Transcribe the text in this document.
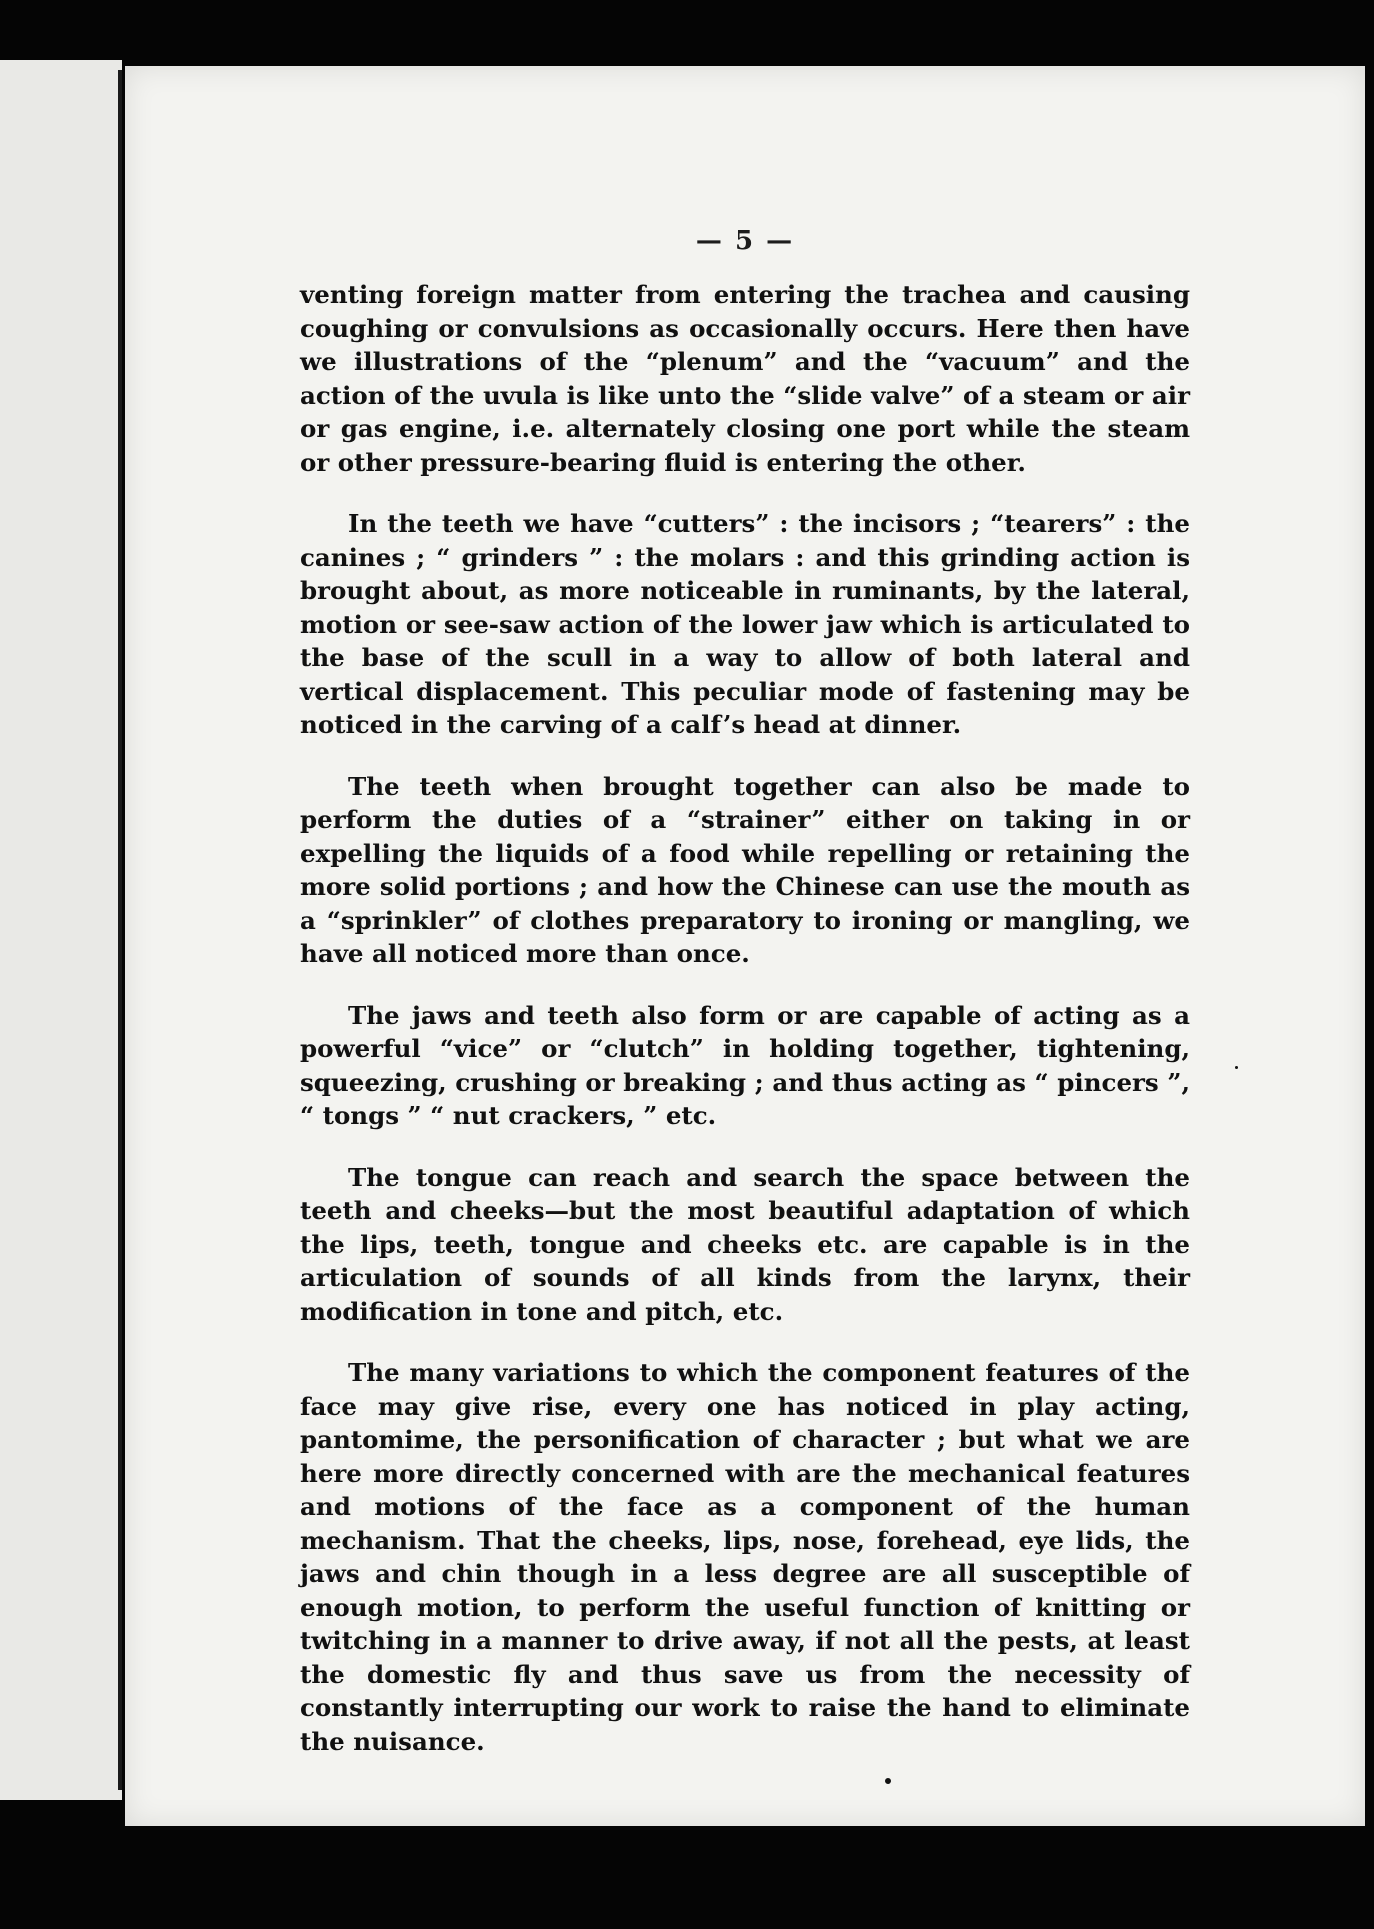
— 5 —

venting foreign matter from entering the trachea and causing coughing or convulsions as occasionally occurs. Here then have we illustrations of the “plenum” and the “vacuum” and the action of the uvula is like unto the “slide valve” of a steam or air or gas engine, i.e. alternately closing one port while the steam or other pressure-bearing fluid is entering the other.

In the teeth we have “cutters” : the incisors ; “tearers” : the canines ; “ grinders ” : the molars : and this grinding action is brought about, as more noticeable in ruminants, by the lateral, motion or see-saw action of the lower jaw which is articulated to the base of the scull in a way to allow of both lateral and vertical displacement. This peculiar mode of fastening may be noticed in the carving of a calf’s head at dinner.

The teeth when brought together can also be made to perform the duties of a “strainer” either on taking in or expelling the liquids of a food while repelling or retaining the more solid portions ; and how the Chinese can use the mouth as a “sprinkler” of clothes preparatory to ironing or mangling, we have all noticed more than once.

The jaws and teeth also form or are capable of acting as a powerful “vice” or “clutch” in holding together, tightening, squeezing, crushing or breaking ; and thus acting as “ pincers ”, “ tongs ” “ nut crackers, ” etc.

The tongue can reach and search the space between the teeth and cheeks—but the most beautiful adaptation of which the lips, teeth, tongue and cheeks etc. are capable is in the articulation of sounds of all kinds from the larynx, their modification in tone and pitch, etc.

The many variations to which the component features of the face may give rise, every one has noticed in play acting, pantomime, the personification of character ; but what we are here more directly concerned with are the mechanical features and motions of the face as a component of the human mechanism. That the cheeks, lips, nose, forehead, eye lids, the jaws and chin though in a less degree are all susceptible of enough motion, to perform the useful function of knitting or twitching in a manner to drive away, if not all the pests, at least the domestic fly and thus save us from the necessity of constantly interrupting our work to raise the hand to eliminate the nuisance.
